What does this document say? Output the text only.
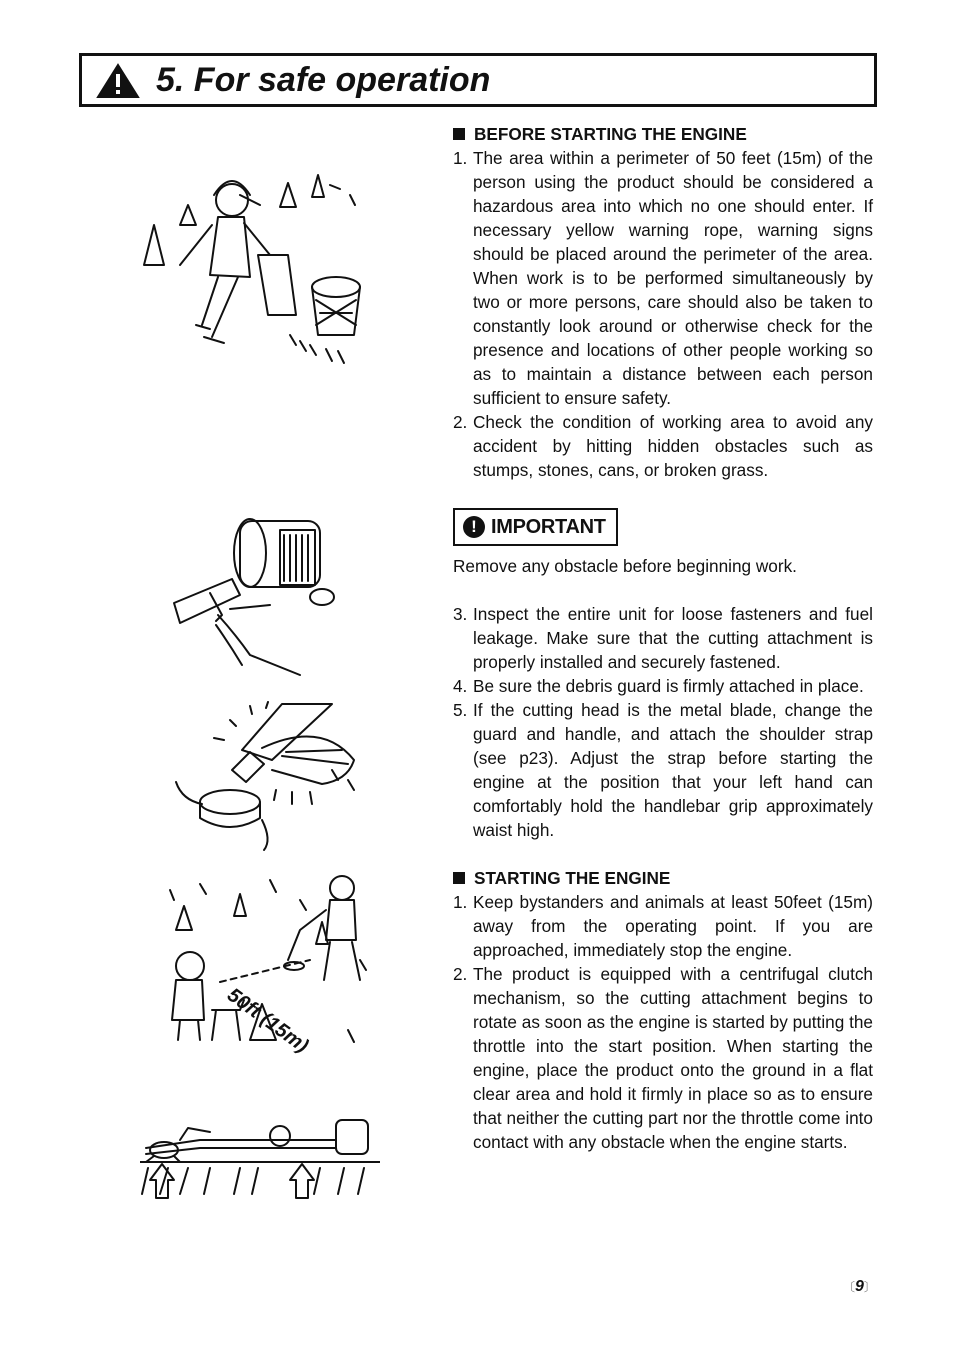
5. For safe operation
50ft (15m)
BEFORE STARTING THE ENGINE
1. The area within a perimeter of 50 feet (15m) of the person using the product should be considered a hazardous area into which no one should enter. If necessary yellow warning rope, warning signs should be placed around the perimeter of the area. When work is to be performed simultaneously by two or more persons, care should also be taken to constantly look around or otherwise check for the presence and locations of other people working so as to maintain a distance between each person sufficient to ensure safety.
2. Check the condition of working area to avoid any accident by hitting hidden obstacles such as stumps, stones, cans, or broken grass.
! IMPORTANT
Remove any obstacle before beginning work.
3. Inspect the entire unit for loose fasteners and fuel leakage. Make sure that the cutting attachment is properly installed and securely fastened.
4. Be sure the debris guard is firmly attached in place.
5. If the cutting head is the metal blade, change the guard and handle, and attach the shoulder strap (see p23). Adjust the strap before starting the engine at the position that your left hand can comfortably hold the handlebar grip approximately waist high.
STARTING THE ENGINE
1. Keep bystanders and animals at least 50feet (15m) away from the operating point. If you are approached, immediately stop the engine.
2. The product is equipped with a centrifugal clutch mechanism, so the cutting attachment begins to rotate as soon as the engine is started by putting the throttle into the start position. When starting the engine, place the product onto the ground in a flat clear area and hold it firmly in place so as to ensure that neither the cutting part nor the throttle come into contact with any obstacle when the engine starts.
〔9〕
